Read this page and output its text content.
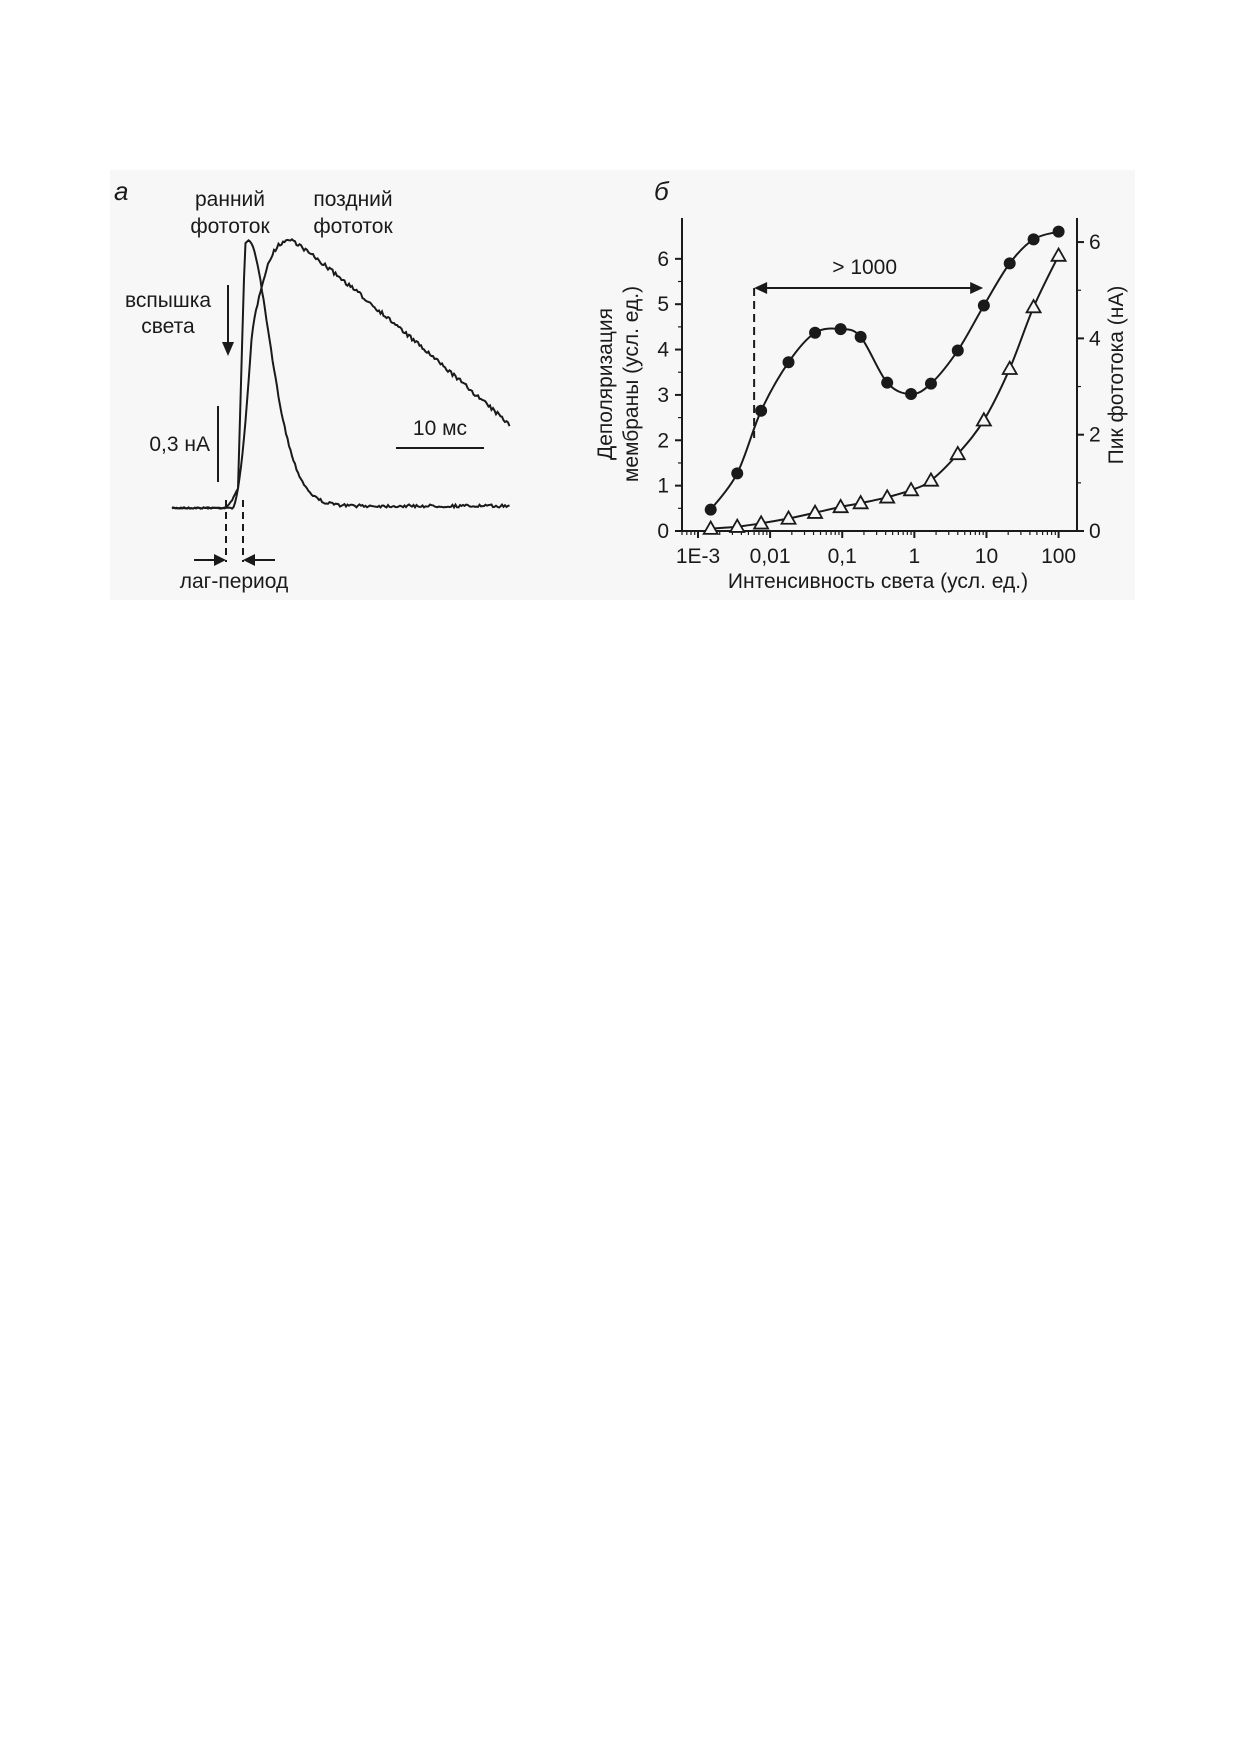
а	ранний
фототок
поздний
фототок
вспышка
света
0,3 нА
10 мс
лаг-период
б
1E-3 0,01 0,1 1	10 100
0
1
2
3
4
5
6
0
2
4
6
> 1000
Интенсивность света (усл. ед.)
Деполяризация мембраны (усл. ед.)	Пик фототока (нА)
